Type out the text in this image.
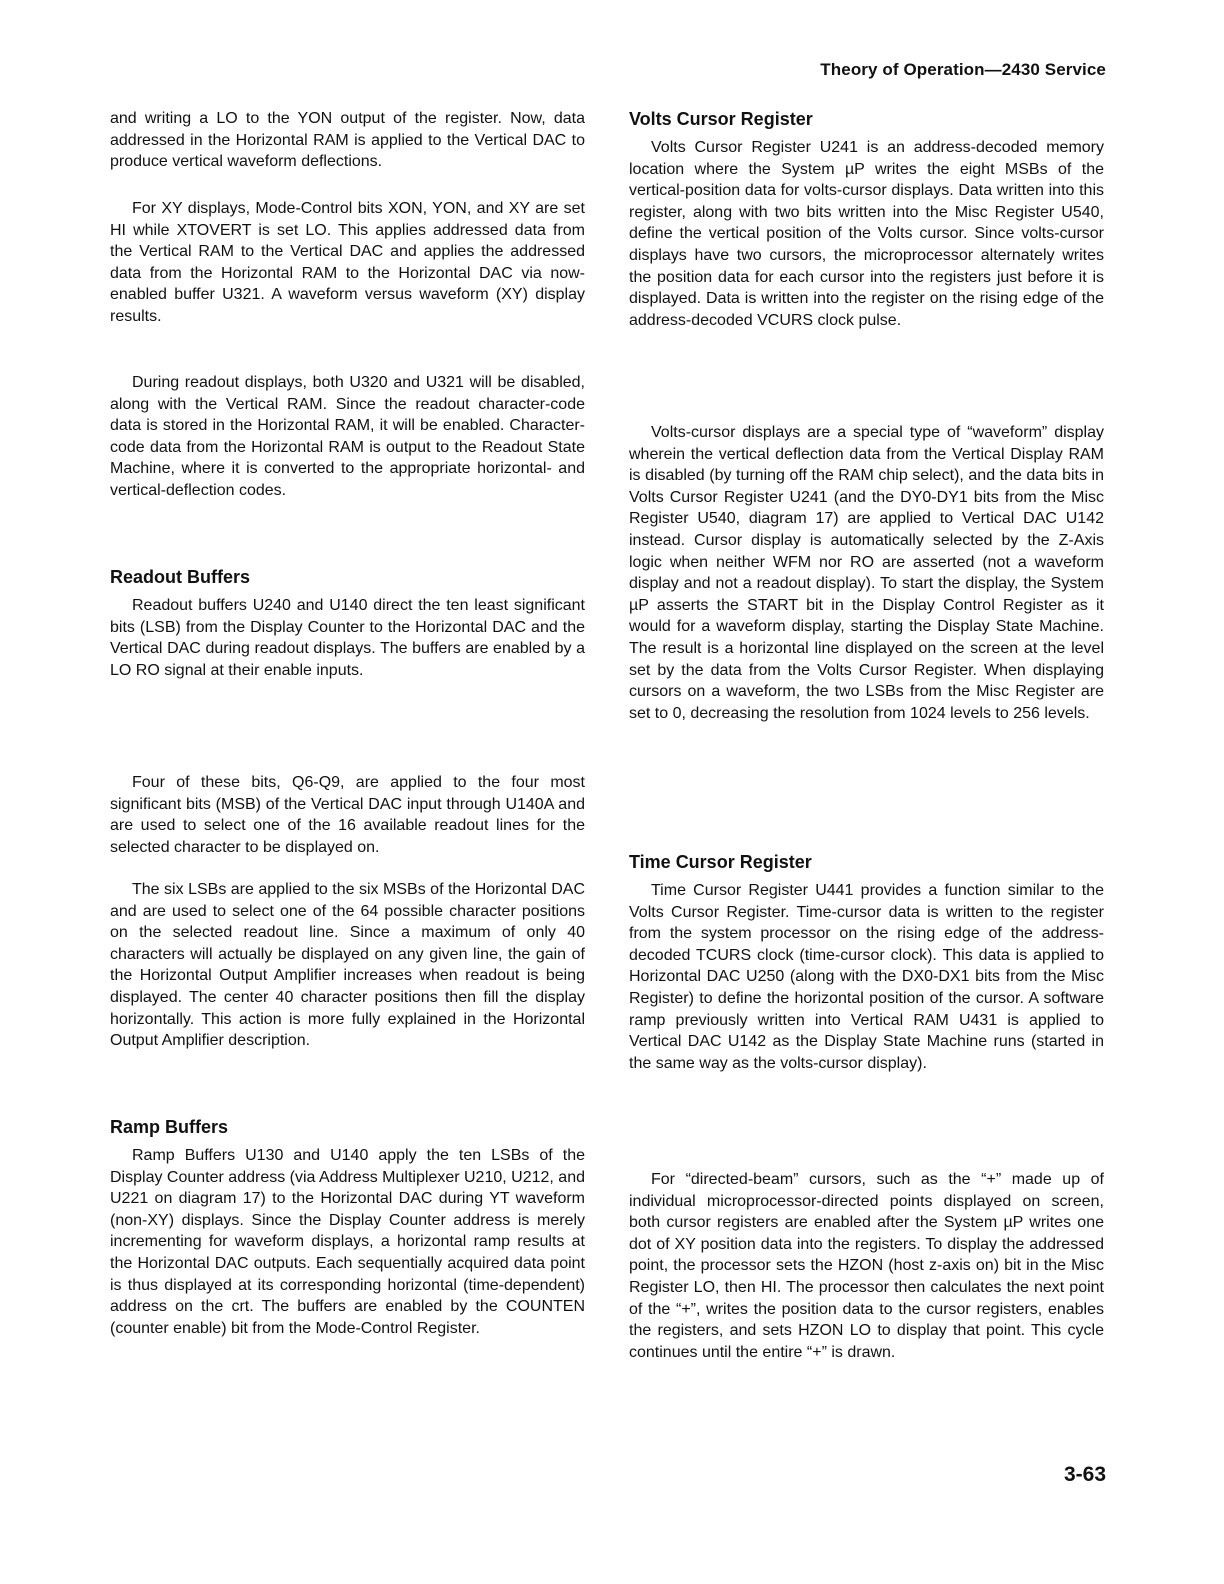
Theory of Operation—2430 Service

and writing a LO to the YON output of the register. Now, data addressed in the Horizontal RAM is applied to the Vertical DAC to produce vertical waveform deflections.

For XY displays, Mode-Control bits XON, YON, and XY are set HI while XTOVERT is set LO. This applies addressed data from the Vertical RAM to the Vertical DAC and applies the addressed data from the Horizontal RAM to the Horizontal DAC via now-enabled buffer U321. A waveform versus waveform (XY) display results.

During readout displays, both U320 and U321 will be disabled, along with the Vertical RAM. Since the readout character-code data is stored in the Horizontal RAM, it will be enabled. Character-code data from the Horizontal RAM is output to the Readout State Machine, where it is converted to the appropriate horizontal- and vertical-deflection codes.

Readout Buffers

Readout buffers U240 and U140 direct the ten least significant bits (LSB) from the Display Counter to the Horizontal DAC and the Vertical DAC during readout displays. The buffers are enabled by a LO RO signal at their enable inputs.

Four of these bits, Q6-Q9, are applied to the four most significant bits (MSB) of the Vertical DAC input through U140A and are used to select one of the 16 available readout lines for the selected character to be displayed on.

The six LSBs are applied to the six MSBs of the Horizontal DAC and are used to select one of the 64 possible character positions on the selected readout line. Since a maximum of only 40 characters will actually be displayed on any given line, the gain of the Horizontal Output Amplifier increases when readout is being displayed. The center 40 character positions then fill the display horizontally. This action is more fully explained in the Horizontal Output Amplifier description.

Ramp Buffers

Ramp Buffers U130 and U140 apply the ten LSBs of the Display Counter address (via Address Multiplexer U210, U212, and U221 on diagram 17) to the Horizontal DAC during YT waveform (non-XY) displays. Since the Display Counter address is merely incrementing for waveform displays, a horizontal ramp results at the Horizontal DAC outputs. Each sequentially acquired data point is thus displayed at its corresponding horizontal (time-dependent) address on the crt. The buffers are enabled by the COUNTEN (counter enable) bit from the Mode-Control Register.

Volts Cursor Register

Volts Cursor Register U241 is an address-decoded memory location where the System µP writes the eight MSBs of the vertical-position data for volts-cursor displays. Data written into this register, along with two bits written into the Misc Register U540, define the vertical position of the Volts cursor. Since volts-cursor displays have two cursors, the microprocessor alternately writes the position data for each cursor into the registers just before it is displayed. Data is written into the register on the rising edge of the address-decoded VCURS clock pulse.

Volts-cursor displays are a special type of “waveform” display wherein the vertical deflection data from the Vertical Display RAM is disabled (by turning off the RAM chip select), and the data bits in Volts Cursor Register U241 (and the DY0-DY1 bits from the Misc Register U540, diagram 17) are applied to Vertical DAC U142 instead. Cursor display is automatically selected by the Z-Axis logic when neither WFM nor RO are asserted (not a waveform display and not a readout display). To start the display, the System µP asserts the START bit in the Display Control Register as it would for a waveform display, starting the Display State Machine. The result is a horizontal line displayed on the screen at the level set by the data from the Volts Cursor Register. When displaying cursors on a waveform, the two LSBs from the Misc Register are set to 0, decreasing the resolution from 1024 levels to 256 levels.

Time Cursor Register

Time Cursor Register U441 provides a function similar to the Volts Cursor Register. Time-cursor data is written to the register from the system processor on the rising edge of the address-decoded TCURS clock (time-cursor clock). This data is applied to Horizontal DAC U250 (along with the DX0-DX1 bits from the Misc Register) to define the horizontal position of the cursor. A software ramp previously written into Vertical RAM U431 is applied to Vertical DAC U142 as the Display State Machine runs (started in the same way as the volts-cursor display).

For “directed-beam” cursors, such as the “+” made up of individual microprocessor-directed points displayed on screen, both cursor registers are enabled after the System µP writes one dot of XY position data into the registers. To display the addressed point, the processor sets the HZON (host z-axis on) bit in the Misc Register LO, then HI. The processor then calculates the next point of the “+”, writes the position data to the cursor registers, enables the registers, and sets HZON LO to display that point. This cycle continues until the entire “+” is drawn.

3-63
